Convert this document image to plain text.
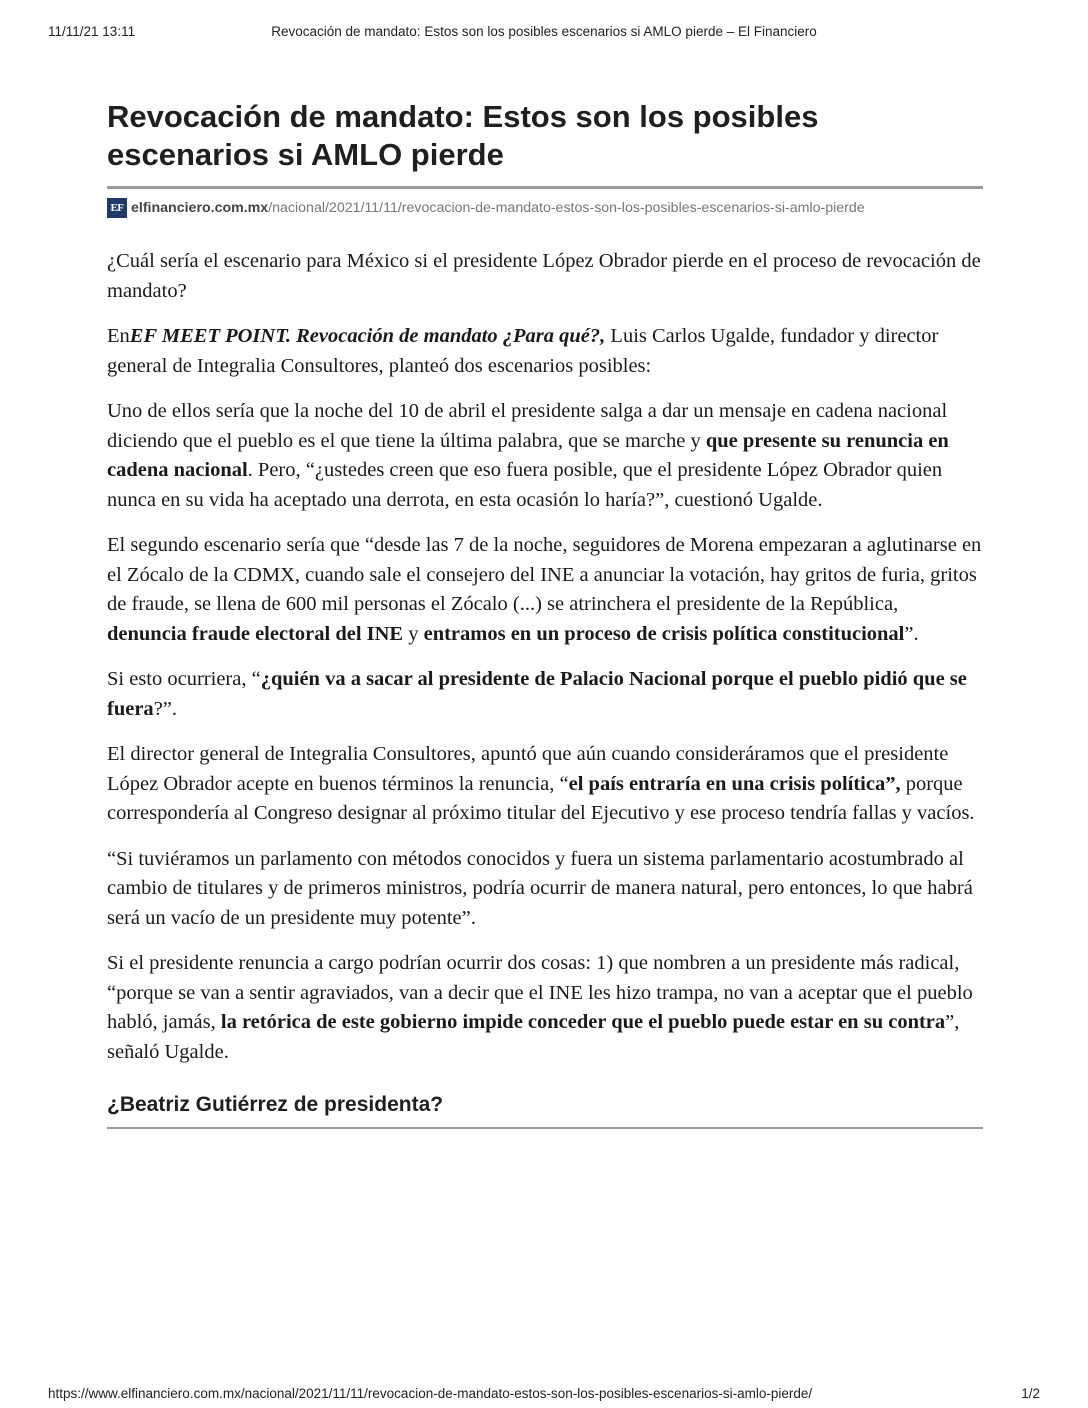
11/11/21 13:11	Revocación de mandato: Estos son los posibles escenarios si AMLO pierde – El Financiero
Revocación de mandato: Estos son los posibles escenarios si AMLO pierde
EF elfinanciero.com.mx /nacional/2021/11/11/revocacion-de-mandato-estos-son-los-posibles-escenarios-si-amlo-pierde

¿Cuál sería el escenario para México si el presidente López Obrador pierde en el proceso de revocación de mandato?

EnEF MEET POINT. Revocación de mandato ¿Para qué?, Luis Carlos Ugalde, fundador y director general de Integralia Consultores, planteó dos escenarios posibles:

Uno de ellos sería que la noche del 10 de abril el presidente salga a dar un mensaje en cadena nacional diciendo que el pueblo es el que tiene la última palabra, que se marche y que presente su renuncia en cadena nacional. Pero, “¿ustedes creen que eso fuera posible, que el presidente López Obrador quien nunca en su vida ha aceptado una derrota, en esta ocasión lo haría?”, cuestionó Ugalde.

El segundo escenario sería que “desde las 7 de la noche, seguidores de Morena empezaran a aglutinarse en el Zócalo de la CDMX, cuando sale el consejero del INE a anunciar la votación, hay gritos de furia, gritos de fraude, se llena de 600 mil personas el Zócalo (...) se atrinchera el presidente de la República, denuncia fraude electoral del INE y entramos en un proceso de crisis política constitucional”.

Si esto ocurriera, “¿quién va a sacar al presidente de Palacio Nacional porque el pueblo pidió que se fuera?”.

El director general de Integralia Consultores, apuntó que aún cuando consideráramos que el presidente López Obrador acepte en buenos términos la renuncia, “el país entraría en una crisis política”, porque correspondería al Congreso designar al próximo titular del Ejecutivo y ese proceso tendría fallas y vacíos.

“Si tuviéramos un parlamento con métodos conocidos y fuera un sistema parlamentario acostumbrado al cambio de titulares y de primeros ministros, podría ocurrir de manera natural, pero entonces, lo que habrá será un vacío de un presidente muy potente”.

Si el presidente renuncia a cargo podrían ocurrir dos cosas: 1) que nombren a un presidente más radical, “porque se van a sentir agraviados, van a decir que el INE les hizo trampa, no van a aceptar que el pueblo habló, jamás, la retórica de este gobierno impide conceder que el pueblo puede estar en su contra”, señaló Ugalde.

¿Beatriz Gutiérrez de presidenta?
https://www.elfinanciero.com.mx/nacional/2021/11/11/revocacion-de-mandato-estos-son-los-posibles-escenarios-si-amlo-pierde/	1/2
